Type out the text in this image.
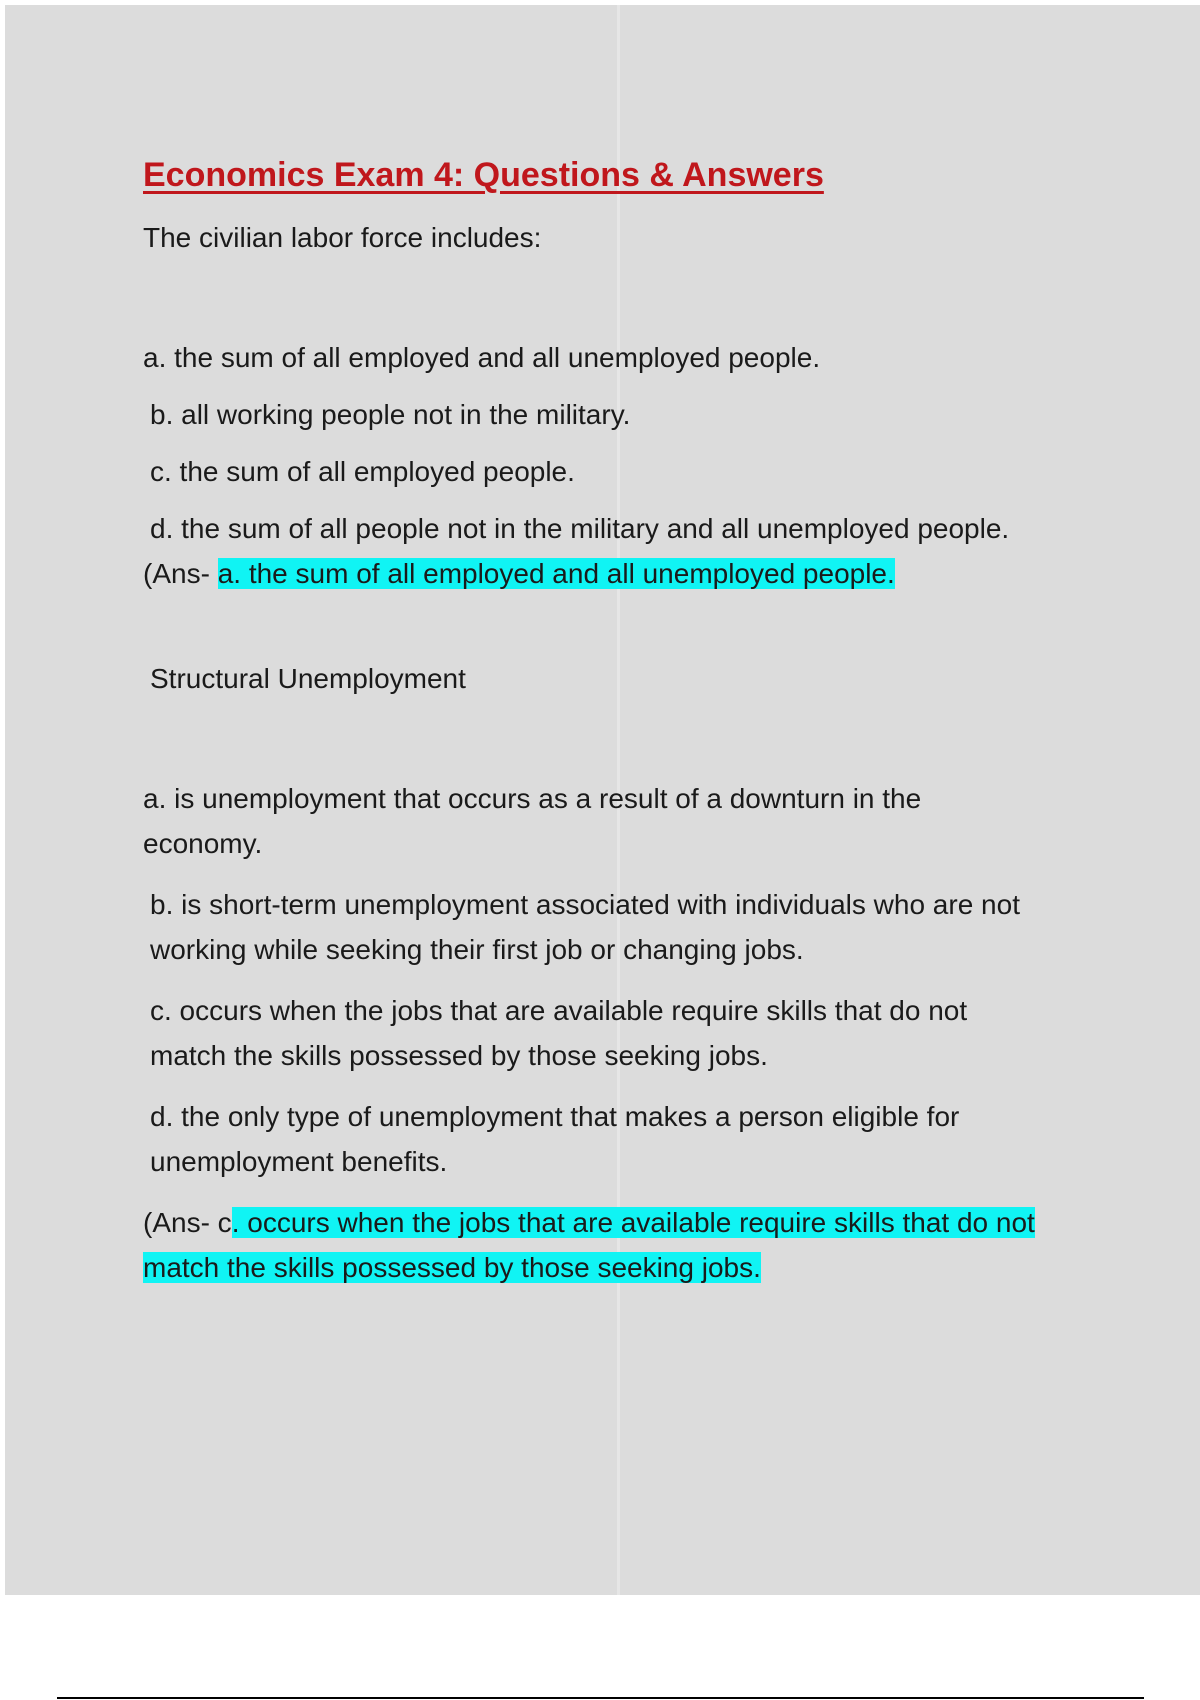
Economics Exam 4: Questions & Answers

The civilian labor force includes:

a. the sum of all employed and all unemployed people.

b. all working people not in the military.

c. the sum of all employed people.

d. the sum of all people not in the military and all unemployed people.

(Ans- a. the sum of all employed and all unemployed people.

Structural Unemployment

a. is unemployment that occurs as a result of a downturn in the economy.

b. is short-term unemployment associated with individuals who are not working while seeking their first job or changing jobs.

c. occurs when the jobs that are available require skills that do not match the skills possessed by those seeking jobs.

d. the only type of unemployment that makes a person eligible for unemployment benefits.

(Ans- c. occurs when the jobs that are available require skills that do not match the skills possessed by those seeking jobs.
